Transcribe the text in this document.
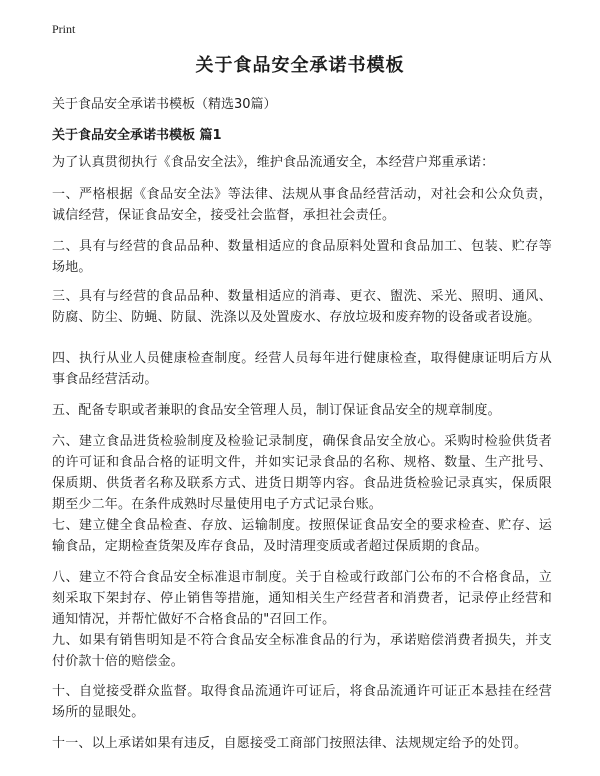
Print
关于食品安全承诺书模板

关于食品安全承诺书模板（精选30篇）

关于食品安全承诺书模板 篇1

为了认真贯彻执行《食品安全法》，维护食品流通安全，本经营户郑重承诺：

一、严格根据《食品安全法》等法律、法规从事食品经营活动，对社会和公众负责，诚信经营，保证食品安全，接受社会监督，承担社会责任。

二、具有与经营的食品品种、数量相适应的食品原料处置和食品加工、包装、贮存等场地。

三、具有与经营的食品品种、数量相适应的消毒、更衣、盥洗、采光、照明、通风、防腐、防尘、防蝇、防鼠、洗涤以及处置废水、存放垃圾和废弃物的设备或者设施。

四、执行从业人员健康检查制度。经营人员每年进行健康检查，取得健康证明后方从事食品经营活动。

五、配备专职或者兼职的食品安全管理人员，制订保证食品安全的规章制度。

六、建立食品进货检验制度及检验记录制度，确保食品安全放心。采购时检验供货者的许可证和食品合格的证明文件，并如实记录食品的名称、规格、数量、生产批号、保质期、供货者名称及联系方式、进货日期等内容。食品进货检验记录真实，保质限期至少二年。在条件成熟时尽量使用电子方式记录台账。

七、建立健全食品检查、存放、运输制度。按照保证食品安全的要求检查、贮存、运输食品，定期检查货架及库存食品，及时清理变质或者超过保质期的食品。

八、建立不符合食品安全标准退市制度。关于自检或行政部门公布的不合格食品，立刻采取下架封存、停止销售等措施，通知相关生产经营者和消费者，记录停止经营和通知情况，并帮忙做好不合格食品的"召回工作。

九、如果有销售明知是不符合食品安全标准食品的行为，承诺赔偿消费者损失，并支付价款十倍的赔偿金。

十、自觉接受群众监督。取得食品流通许可证后，将食品流通许可证正本悬挂在经营场所的显眼处。

十一、以上承诺如果有违反，自愿接受工商部门按照法律、法规规定给予的处罚。
